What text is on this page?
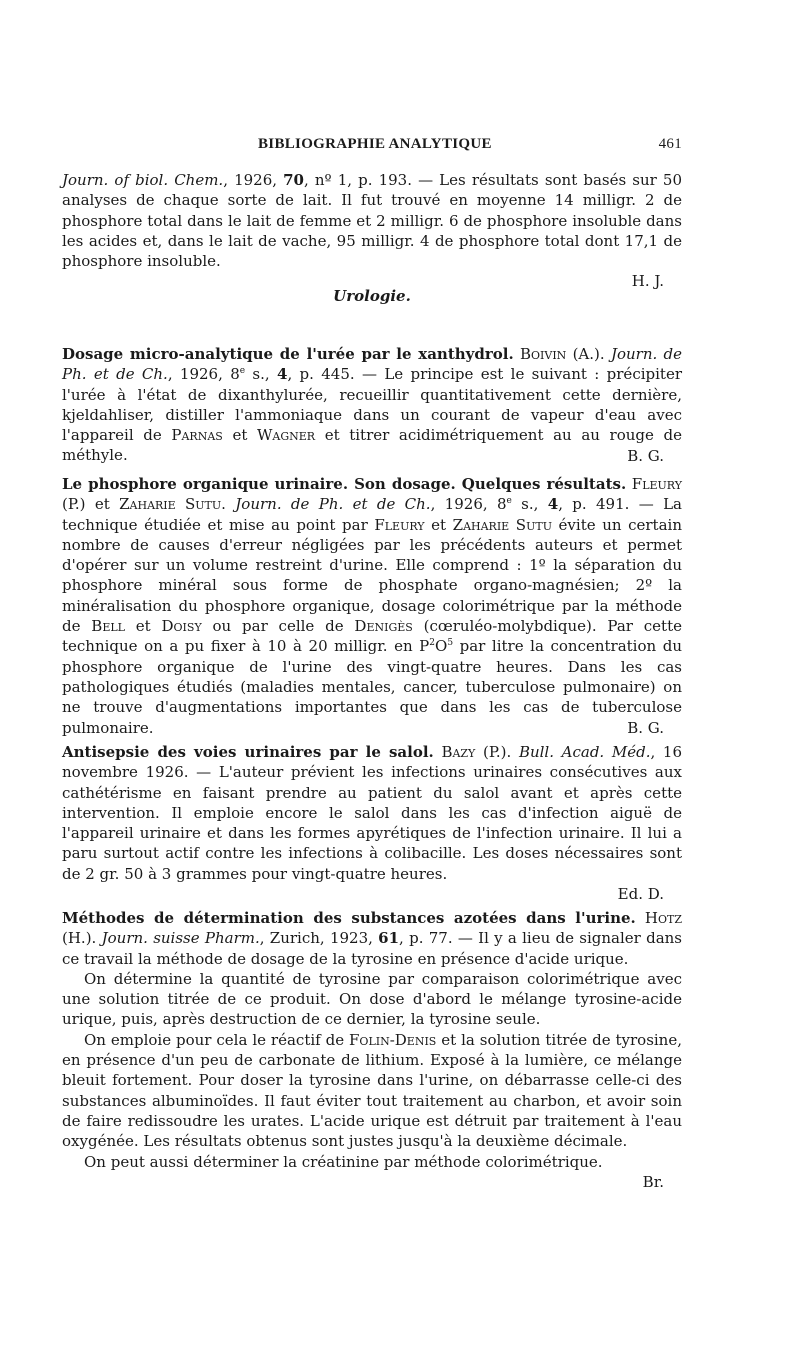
BIBLIOGRAPHIE ANALYTIQUE	461

Journ. of biol. Chem., 1926, 70, nº 1, p. 193. — Les résultats sont basés sur 50 analyses de chaque sorte de lait. Il fut trouvé en moyenne 14 milligr. 2 de phosphore total dans le lait de femme et 2 milligr. 6 de phosphore insoluble dans les acides et, dans le lait de vache, 95 milligr. 4 de phosphore total dont 17,1 de phosphore insoluble.

H. J.

Urologie.

Dosage micro-analytique de l'urée par le xanthydrol. Boivin (A.). Journ. de Ph. et de Ch., 1926, 8e s., 4, p. 445. — Le principe est le suivant : précipiter l'urée à l'état de dixanthylurée, recueillir quantitativement cette dernière, kjeldahliser, distiller l'ammoniaque dans un courant de vapeur d'eau avec l'appareil de Parnas et Wagner et titrer acidimétriquement au au rouge de méthyle.	B. G.

Le phosphore organique urinaire. Son dosage. Quelques résultats. Fleury (P.) et Zaharie Sutu. Journ. de Ph. et de Ch., 1926, 8e s., 4, p. 491. — La technique étudiée et mise au point par Fleury et Zaharie Sutu évite un certain nombre de causes d'erreur négligées par les précédents auteurs et permet d'opérer sur un volume restreint d'urine. Elle comprend : 1º la séparation du phosphore minéral sous forme de phosphate organo-magnésien; 2º la minéralisation du phosphore organique, dosage colorimétrique par la méthode de Bell et Doisy ou par celle de Denigès (cœruléo-molybdique). Par cette technique on a pu fixer à 10 à 20 milligr. en $P^2O^5$ par litre la concentration du phosphore organique de l'urine des vingt-quatre heures. Dans les cas pathologiques étudiés (maladies mentales, cancer, tuberculose pulmonaire) on ne trouve d'augmentations importantes que dans les cas de tuberculose pulmonaire.	B. G.

Antisepsie des voies urinaires par le salol. Bazy (P.). Bull. Acad. Méd., 16 novembre 1926. — L'auteur prévient les infections urinaires consécutives aux cathétérisme en faisant prendre au patient du salol avant et après cette intervention. Il emploie encore le salol dans les cas d'infection aiguë de l'appareil urinaire et dans les formes apyrétiques de l'infection urinaire. Il lui a paru surtout actif contre les infections à colibacille. Les doses nécessaires sont de 2 gr. 50 à 3 grammes pour vingt-quatre heures.

Ed. D.

Méthodes de détermination des substances azotées dans l'urine. Hotz (H.). Journ. suisse Pharm., Zurich, 1923, 61, p. 77. — Il y a lieu de signaler dans ce travail la méthode de dosage de la tyrosine en présence d'acide urique.

On détermine la quantité de tyrosine par comparaison colorimétrique avec une solution titrée de ce produit. On dose d'abord le mélange tyrosine-acide urique, puis, après destruction de ce dernier, la tyrosine seule.

On emploie pour cela le réactif de Folin-Denis et la solution titrée de tyrosine, en présence d'un peu de carbonate de lithium. Exposé à la lumière, ce mélange bleuit fortement. Pour doser la tyrosine dans l'urine, on débarrasse celle-ci des substances albuminoïdes. Il faut éviter tout traitement au charbon, et avoir soin de faire redissoudre les urates. L'acide urique est détruit par traitement à l'eau oxygénée. Les résultats obtenus sont justes jusqu'à la deuxième décimale.

On peut aussi déterminer la créatinine par méthode colorimétrique.

Br.
